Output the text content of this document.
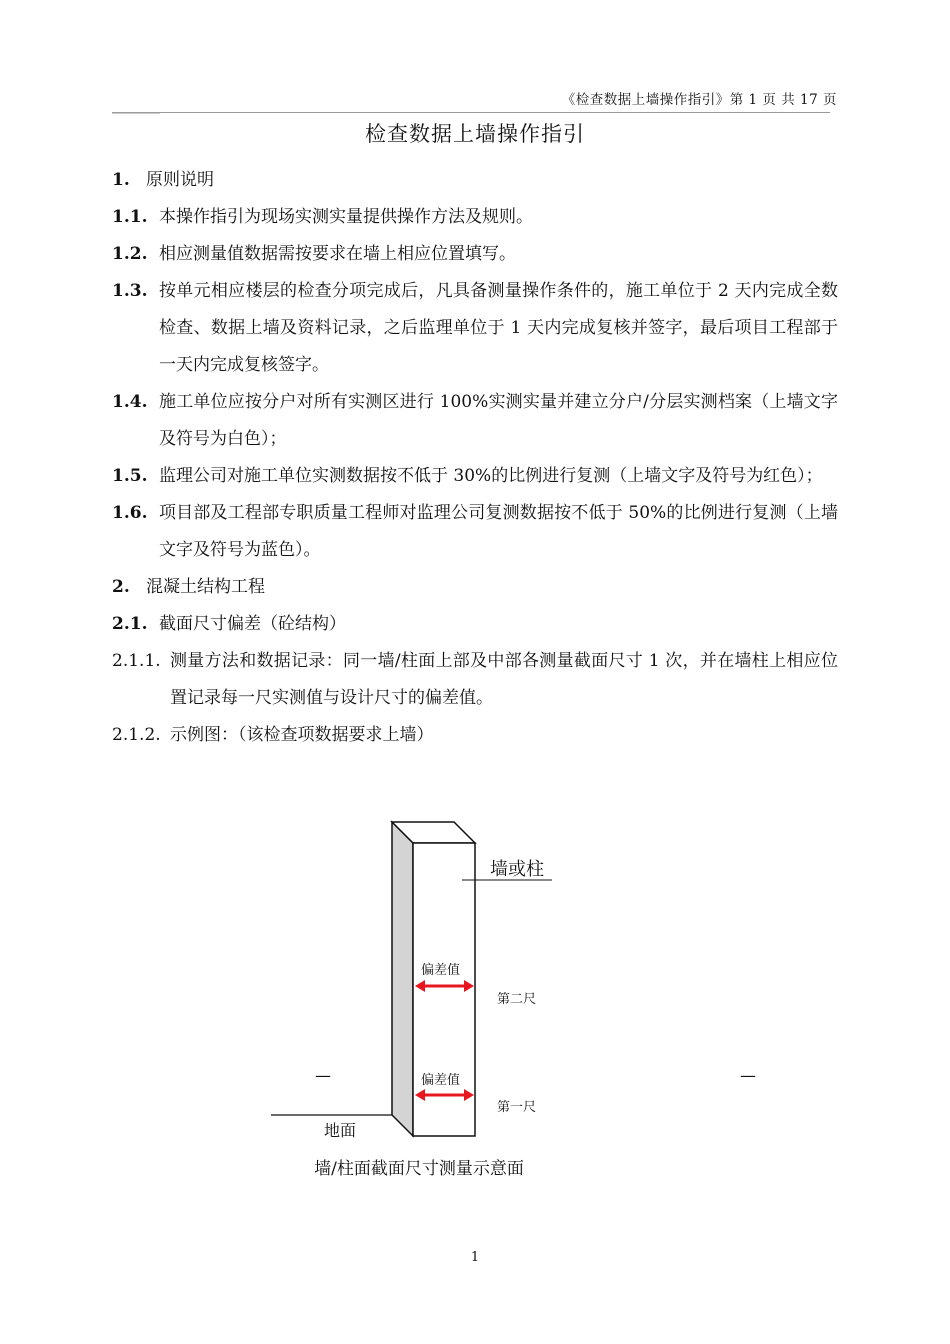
《检查数据上墙操作指引》第 1 页 共 17 页
检查数据上墙操作指引
1. 原则说明
1.1. 本操作指引为现场实测实量提供操作方法及规则。
1.2. 相应测量值数据需按要求在墙上相应位置填写。
1.3. 按单元相应楼层的检查分项完成后，凡具备测量操作条件的，施工单位于 2 天内完成全数检查、数据上墙及资料记录，之后监理单位于 1 天内完成复核并签字，最后项目工程部于一天内完成复核签字。
1.4. 施工单位应按分户对所有实测区进行 100%实测实量并建立分户/分层实测档案（上墙文字及符号为白色）；
1.5. 监理公司对施工单位实测数据按不低于 30%的比例进行复测（上墙文字及符号为红色）；
1.6. 项目部及工程部专职质量工程师对监理公司复测数据按不低于 50%的比例进行复测（上墙文字及符号为蓝色）。
2. 混凝土结构工程
2.1. 截面尺寸偏差（砼结构）
2.1.1. 测量方法和数据记录：同一墙/柱面上部及中部各测量截面尺寸 1 次，并在墙柱上相应位置记录每一尺实测值与设计尺寸的偏差值。
2.1.2. 示例图：（该检查项数据要求上墙）
墙或柱
偏差值
第二尺
偏差值
第一尺
地面
—	—
墙/柱面截面尺寸测量示意面
1
